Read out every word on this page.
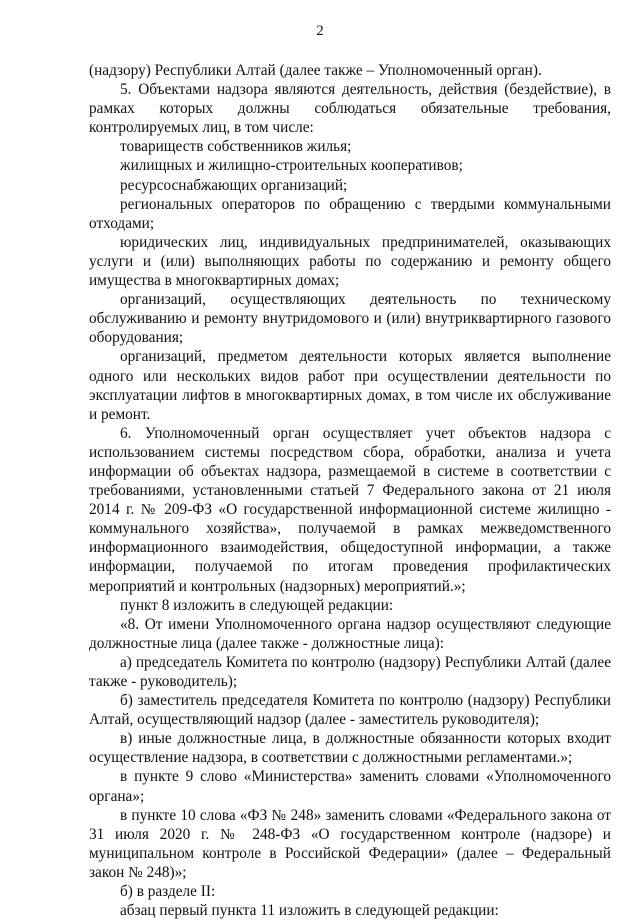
2

(надзору) Республики Алтай (далее также – Уполномоченный орган).

5. Объектами надзора являются деятельность, действия (бездействие), в рамках которых должны соблюдаться обязательные требования, контролируемых лиц, в том числе:

товариществ собственников жилья;

жилищных и жилищно-строительных кооперативов;

ресурсоснабжающих организаций;

региональных операторов по обращению с твердыми коммунальными отходами;

юридических лиц, индивидуальных предпринимателей, оказывающих услуги и (или) выполняющих работы по содержанию и ремонту общего имущества в многоквартирных домах;

организаций, осуществляющих деятельность по техническому обслуживанию и ремонту внутридомового и (или) внутриквартирного газового оборудования;

организаций, предметом деятельности которых является выполнение одного или нескольких видов работ при осуществлении деятельности по эксплуатации лифтов в многоквартирных домах, в том числе их обслуживание и ремонт.

6. Уполномоченный орган осуществляет учет объектов надзора с использованием системы посредством сбора, обработки, анализа и учета информации об объектах надзора, размещаемой в системе в соответствии с требованиями, установленными статьей 7 Федерального закона от 21 июля 2014 г. № 209-ФЗ «О государственной информационной системе жилищно - коммунального хозяйства», получаемой в рамках межведомственного информационного взаимодействия, общедоступной информации, а также информации, получаемой по итогам проведения профилактических мероприятий и контрольных (надзорных) мероприятий.»;

пункт 8 изложить в следующей редакции:

«8. От имени Уполномоченного органа надзор осуществляют следующие должностные лица (далее также - должностные лица):

а) председатель Комитета по контролю (надзору) Республики Алтай (далее также - руководитель);

б) заместитель председателя Комитета по контролю (надзору) Республики Алтай, осуществляющий надзор (далее - заместитель руководителя);

в) иные должностные лица, в должностные обязанности которых входит осуществление надзора, в соответствии с должностными регламентами.»;

в пункте 9 слово «Министерства» заменить словами «Уполномоченного органа»;

в пункте 10 слова «ФЗ № 248» заменить словами «Федерального закона от 31 июля 2020 г. № 248-ФЗ «О государственном контроле (надзоре) и муниципальном контроле в Российской Федерации» (далее – Федеральный закон № 248)»;

б) в разделе II:

абзац первый пункта 11 изложить в следующей редакции:
